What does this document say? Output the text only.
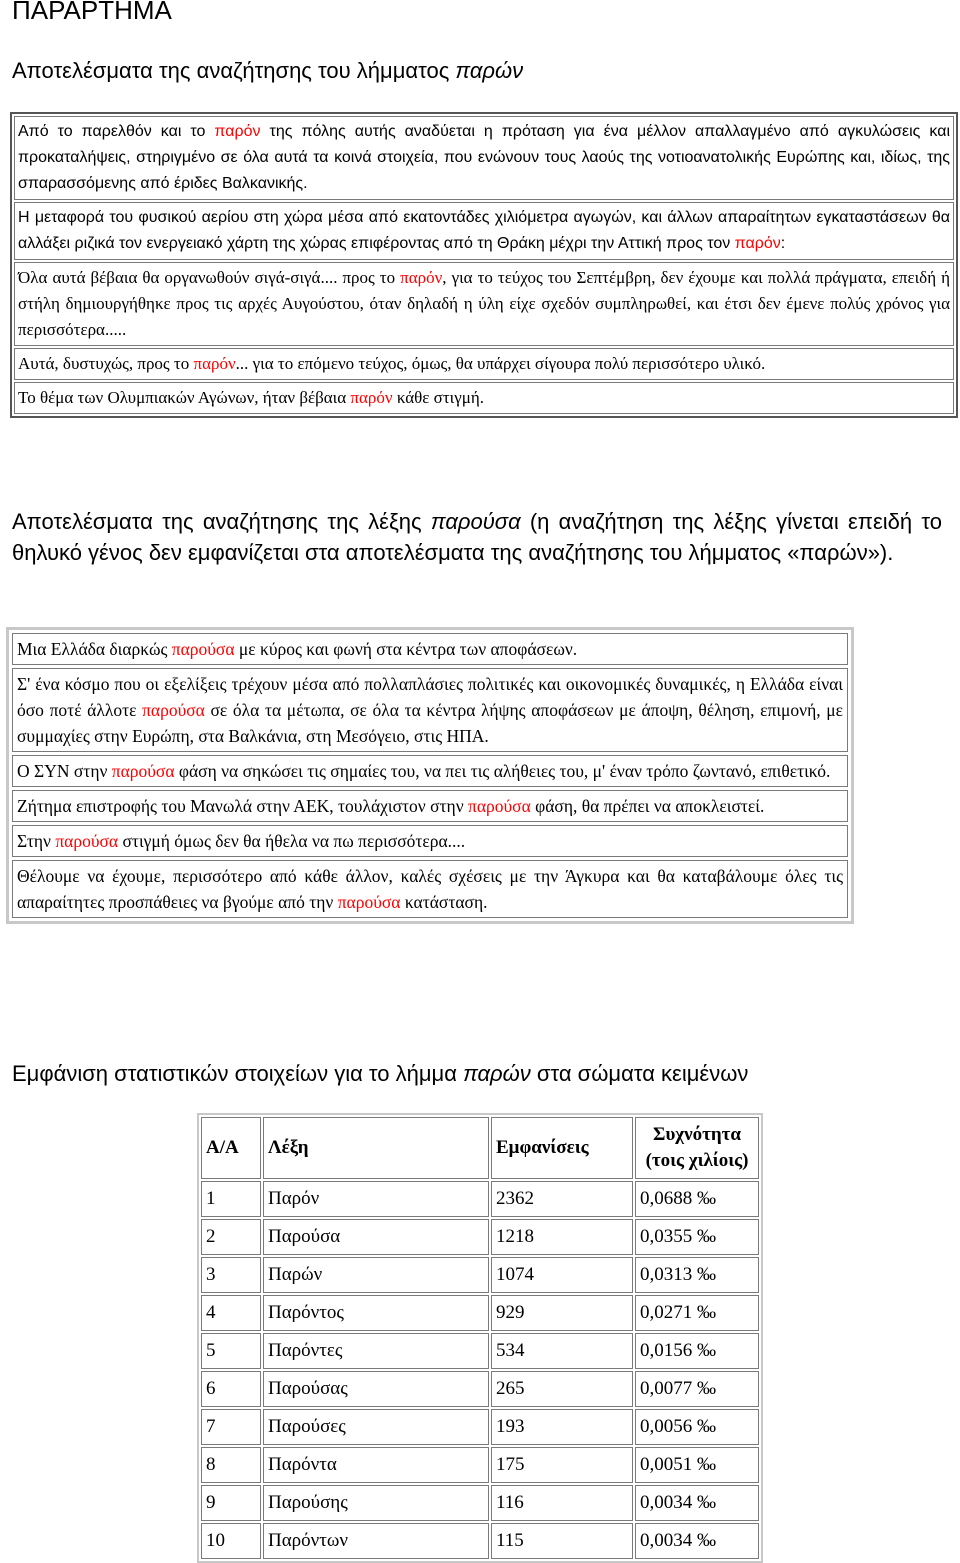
ΠΑΡΑΡΤΗΜΑ
Αποτελέσματα της αναζήτησης του λήμματος παρών
Από το παρελθόν και το παρόν της πόλης αυτής αναδύεται η πρόταση για ένα μέλλον απαλλαγμένο από αγκυλώσεις και προκαταλήψεις, στηριγμένο σε όλα αυτά τα κοινά στοιχεία, που ενώνουν τους λαούς της νοτιοανατολικής Ευρώπης και, ιδίως, της σπαρασσόμενης από έριδες Βαλκανικής.
Η μεταφορά του φυσικού αερίου στη χώρα μέσα από εκατοντάδες χιλιόμετρα αγωγών, και άλλων απαραίτητων εγκαταστάσεων θα αλλάξει ριζικά τον ενεργειακό χάρτη της χώρας επιφέροντας από τη Θράκη μέχρι την Αττική προς τον παρόν:
Όλα αυτά βέβαια θα οργανωθούν σιγά-σιγά.... προς το παρόν, για το τεύχος του Σεπτέμβρη, δεν έχουμε και πολλά πράγματα, επειδή ή στήλη δημιουργήθηκε προς τις αρχές Αυγούστου, όταν δηλαδή η ύλη είχε σχεδόν συμπληρωθεί, και έτσι δεν έμενε πολύς χρόνος για περισσότερα.....
Αυτά, δυστυχώς, προς το παρόν... για το επόμενο τεύχος, όμως, θα υπάρχει σίγουρα πολύ περισσότερο υλικό.
Το θέμα των Ολυμπιακών Αγώνων, ήταν βέβαια παρόν κάθε στιγμή.
Αποτελέσματα της αναζήτησης της λέξης παρούσα (η αναζήτηση της λέξης γίνεται επειδή το θηλυκό γένος δεν εμφανίζεται στα αποτελέσματα της αναζήτησης του λήμματος «παρών»).
Μια Ελλάδα διαρκώς παρούσα με κύρος και φωνή στα κέντρα των αποφάσεων.
Σ' ένα κόσμο που οι εξελίξεις τρέχουν μέσα από πολλαπλάσιες πολιτικές και οικονομικές δυναμικές, η Ελλάδα είναι όσο ποτέ άλλοτε παρούσα σε όλα τα μέτωπα, σε όλα τα κέντρα λήψης αποφάσεων με άποψη, θέληση, επιμονή, με συμμαχίες στην Ευρώπη, στα Βαλκάνια, στη Μεσόγειο, στις ΗΠΑ.
Ο ΣΥΝ στην παρούσα φάση να σηκώσει τις σημαίες του, να πει τις αλήθειες του, μ' έναν τρόπο ζωντανό, επιθετικό.
Ζήτημα επιστροφής του Μανωλά στην ΑΕΚ, τουλάχιστον στην παρούσα φάση, θα πρέπει να αποκλειστεί.
Στην παρούσα στιγμή όμως δεν θα ήθελα να πω περισσότερα....
Θέλουμε να έχουμε, περισσότερο από κάθε άλλον, καλές σχέσεις με την Άγκυρα και θα καταβάλουμε όλες τις απαραίτητες προσπάθειες να βγούμε από την παρούσα κατάσταση.
Εμφάνιση στατιστικών στοιχείων για το λήμμα παρών στα σώματα κειμένων
Α/Α	Λέξη	Εμφανίσεις	Συχνότητα
(τοις χιλίοις)
1	Παρόν	2362	0,0688 ‰
2	Παρούσα	1218	0,0355 ‰
3	Παρών	1074	0,0313 ‰
4	Παρόντος	929	0,0271 ‰
5	Παρόντες	534	0,0156 ‰
6	Παρούσας	265	0,0077 ‰
7	Παρούσες	193	0,0056 ‰
8	Παρόντα	175	0,0051 ‰
9	Παρούσης	116	0,0034 ‰
10	Παρόντων	115	0,0034 ‰
